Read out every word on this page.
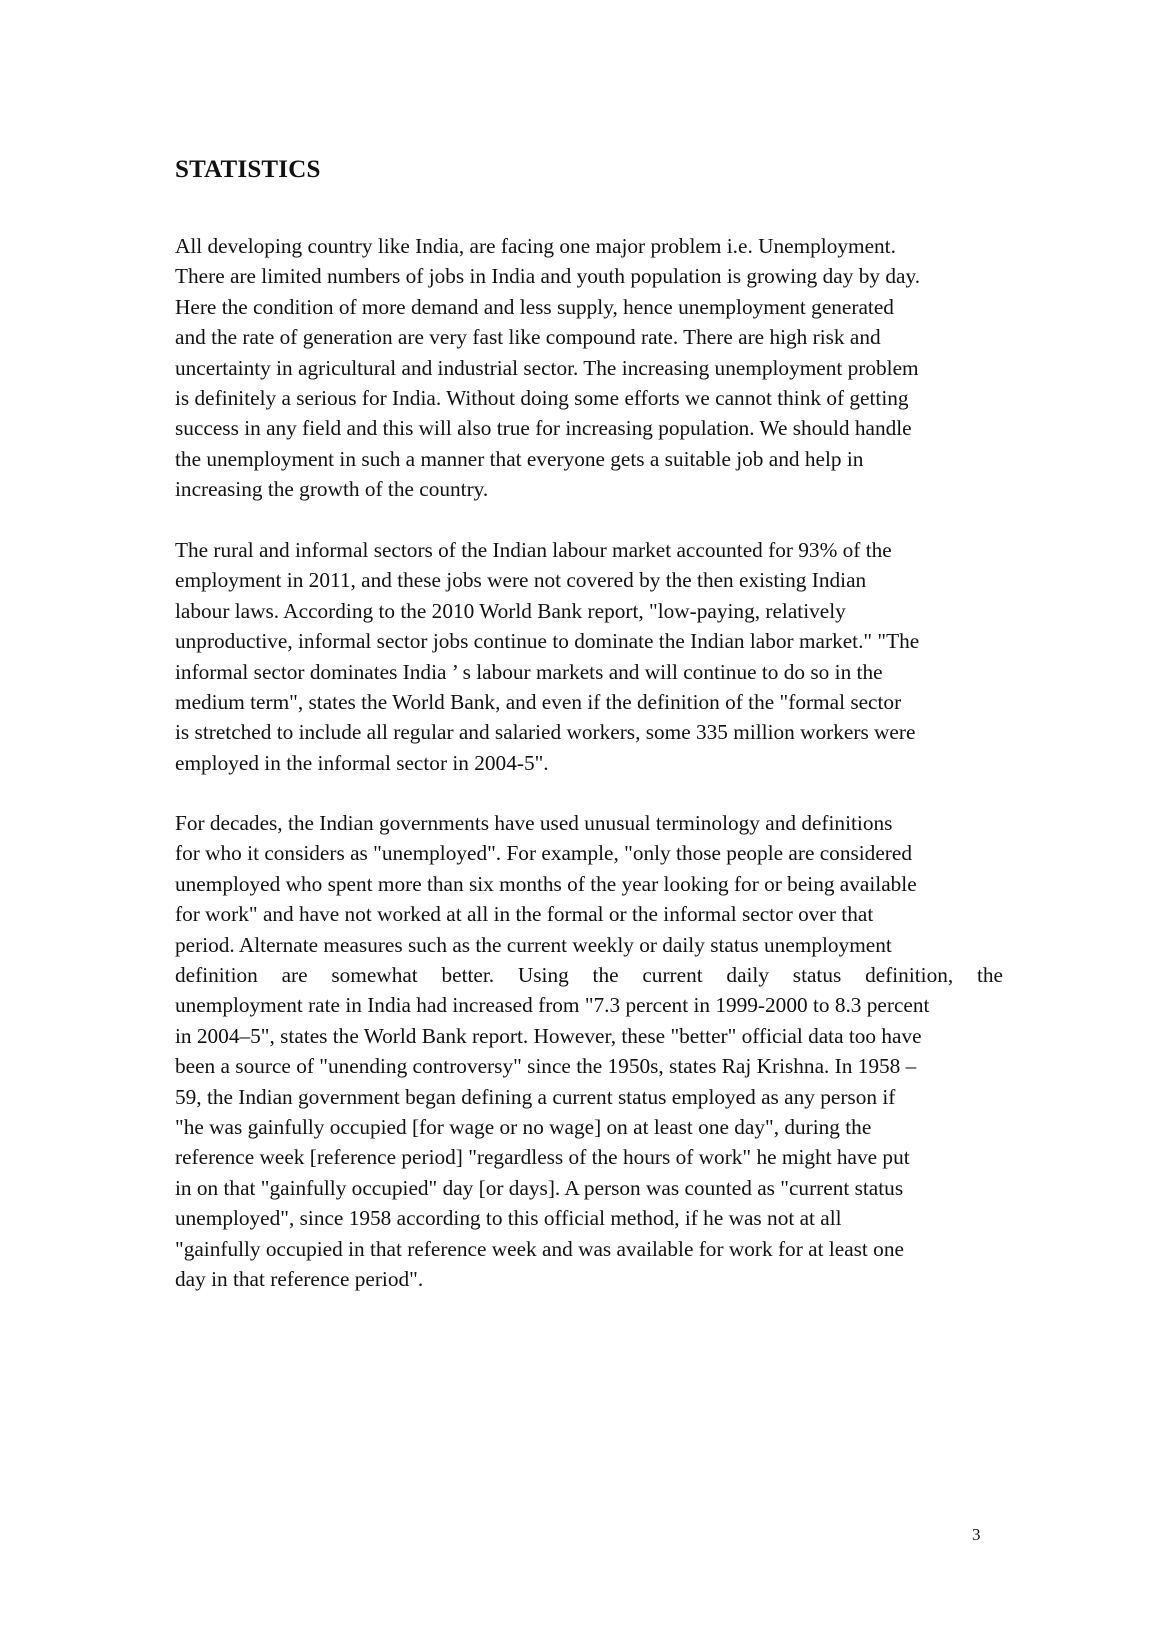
STATISTICS
All developing country like India, are facing one major problem i.e. Unemployment.
There are limited numbers of jobs in India and youth population is growing day by day.
Here the condition of more demand and less supply, hence unemployment generated
and the rate of generation are very fast like compound rate. There are high risk and
uncertainty in agricultural and industrial sector. The increasing unemployment problem
is definitely a serious for India. Without doing some efforts we cannot think of getting
success in any field and this will also true for increasing population. We should handle
the unemployment in such a manner that everyone gets a suitable job and help in
increasing the growth of the country.
The rural and informal sectors of the Indian labour market accounted for 93% of the
employment in 2011, and these jobs were not covered by the then existing Indian
labour laws. According to the 2010 World Bank report, "low-paying, relatively
unproductive, informal sector jobs continue to dominate the Indian labor market." "The
informal sector dominates India ’ s labour markets and will continue to do so in the
medium term", states the World Bank, and even if the definition of the "formal sector
is stretched to include all regular and salaried workers, some 335 million workers were
employed in the informal sector in 2004-5".
For decades, the Indian governments have used unusual terminology and definitions
for who it considers as "unemployed". For example, "only those people are considered
unemployed who spent more than six months of the year looking for or being available
for work" and have not worked at all in the formal or the informal sector over that
period. Alternate measures such as the current weekly or daily status unemployment
definition are somewhat better. Using the current daily status definition, the
unemployment rate in India had increased from "7.3 percent in 1999-2000 to 8.3 percent
in 2004–5", states the World Bank report. However, these "better" official data too have
been a source of "unending controversy" since the 1950s, states Raj Krishna. In 1958 –
59, the Indian government began defining a current status employed as any person if
"he was gainfully occupied [for wage or no wage] on at least one day", during the
reference week [reference period] "regardless of the hours of work" he might have put
in on that "gainfully occupied" day [or days]. A person was counted as "current status
unemployed", since 1958 according to this official method, if he was not at all
"gainfully occupied in that reference week and was available for work for at least one
day in that reference period".

3
